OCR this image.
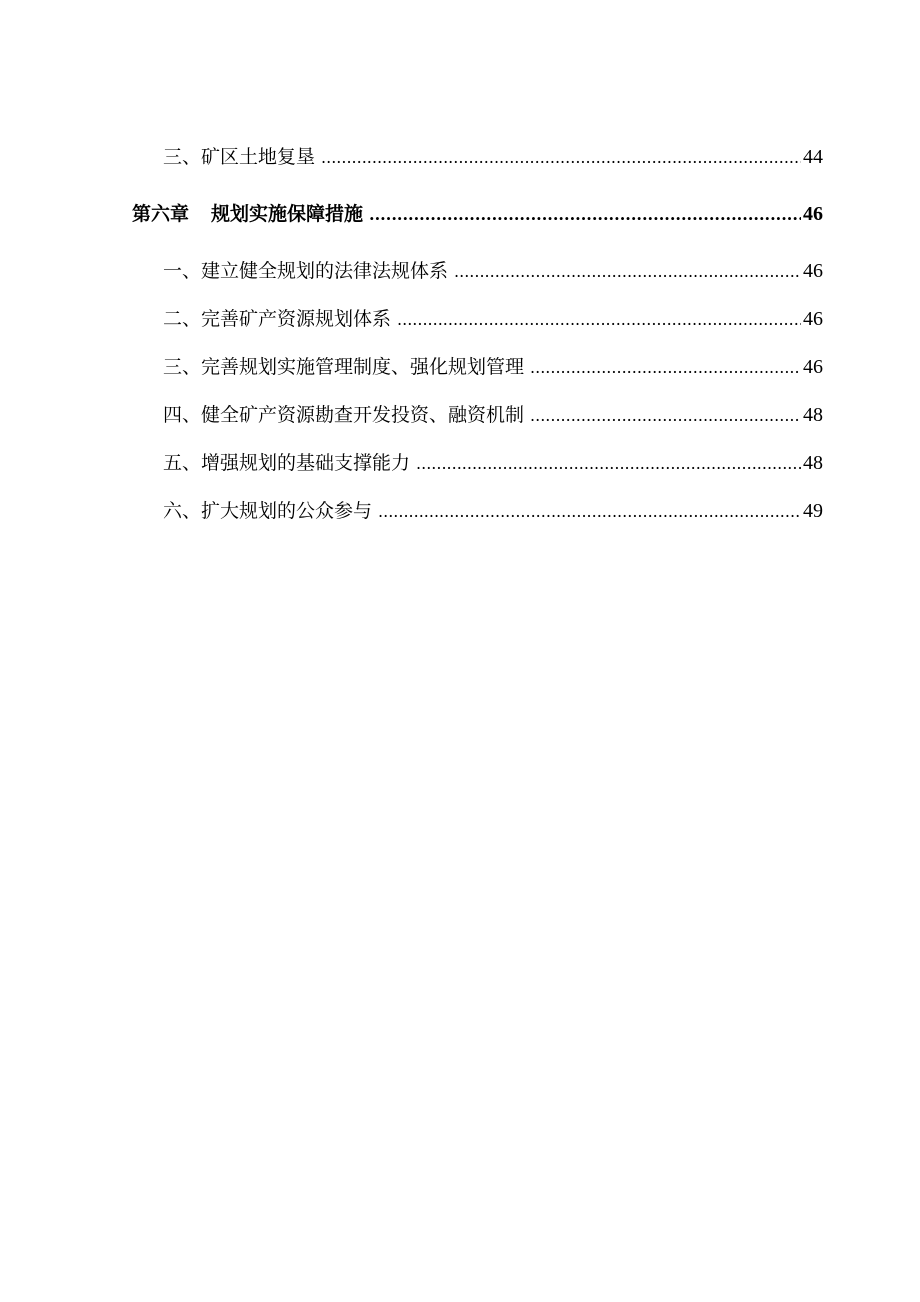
三、矿区土地复垦 .....	44
第六章 规划实施保障措施 .....	46
一、建立健全规划的法律法规体系 .....	46
二、完善矿产资源规划体系 .....	46
三、完善规划实施管理制度、强化规划管理 .....	46
四、健全矿产资源勘查开发投资、融资机制 .....	48
五、增强规划的基础支撑能力 .....	48
六、扩大规划的公众参与 .....	49
